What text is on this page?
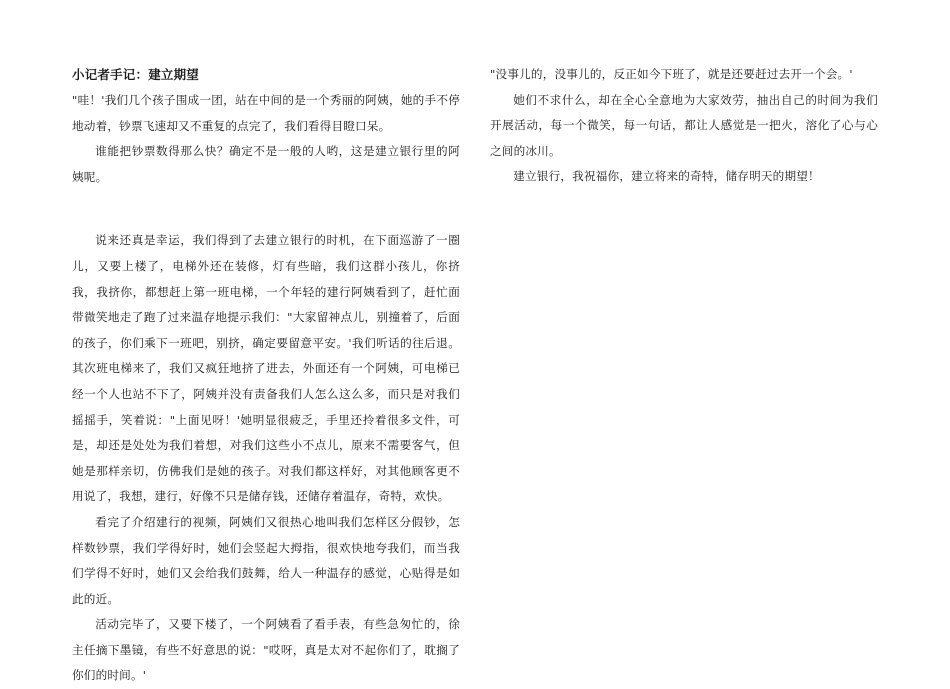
小记者手记：建立期望

"哇！'我们几个孩子围成一团，站在中间的是一个秀丽的阿姨，她的手不停地动着，钞票飞速却又不重复的点完了，我们看得目瞪口呆。

谁能把钞票数得那么快？确定不是一般的人哟，这是建立银行里的阿姨呢。

说来还真是幸运，我们得到了去建立银行的时机，在下面巡游了一圈儿，又要上楼了，电梯外还在装修，灯有些暗，我们这群小孩儿，你挤我，我挤你，都想赶上第一班电梯，一个年轻的建行阿姨看到了，赶忙面带微笑地走了跑了过来温存地提示我们："大家留神点儿，别撞着了，后面的孩子，你们乘下一班吧，别挤，确定要留意平安。'我们听话的往后退。其次班电梯来了，我们又疯狂地挤了进去，外面还有一个阿姨，可电梯已经一个人也站不下了，阿姨并没有责备我们人怎么这么多，而只是对我们摇摇手，笑着说："上面见呀！'她明显很疲乏，手里还拎着很多文件，可是，却还是处处为我们着想，对我们这些小不点儿，原来不需要客气，但她是那样亲切，仿佛我们是她的孩子。对我们都这样好，对其他顾客更不用说了，我想，建行，好像不只是储存钱，还储存着温存，奇特，欢快。

看完了介绍建行的视频，阿姨们又很热心地叫我们怎样区分假钞，怎样数钞票，我们学得好时，她们会竖起大拇指，很欢快地夸我们，而当我们学得不好时，她们又会给我们鼓舞，给人一种温存的感觉，心贴得是如此的近。

活动完毕了，又要下楼了，一个阿姨看了看手表，有些急匆忙的，徐主任摘下墨镜，有些不好意思的说："哎呀，真是太对不起你们了，耽搁了你们的时间。'

"没事儿的，没事儿的，反正如今下班了，就是还要赶过去开一个会。'

她们不求什么，却在全心全意地为大家效劳，抽出自己的时间为我们开展活动，每一个微笑，每一句话，都让人感觉是一把火，溶化了心与心之间的冰川。

建立银行，我祝福你，建立将来的奇特，储存明天的期望！
